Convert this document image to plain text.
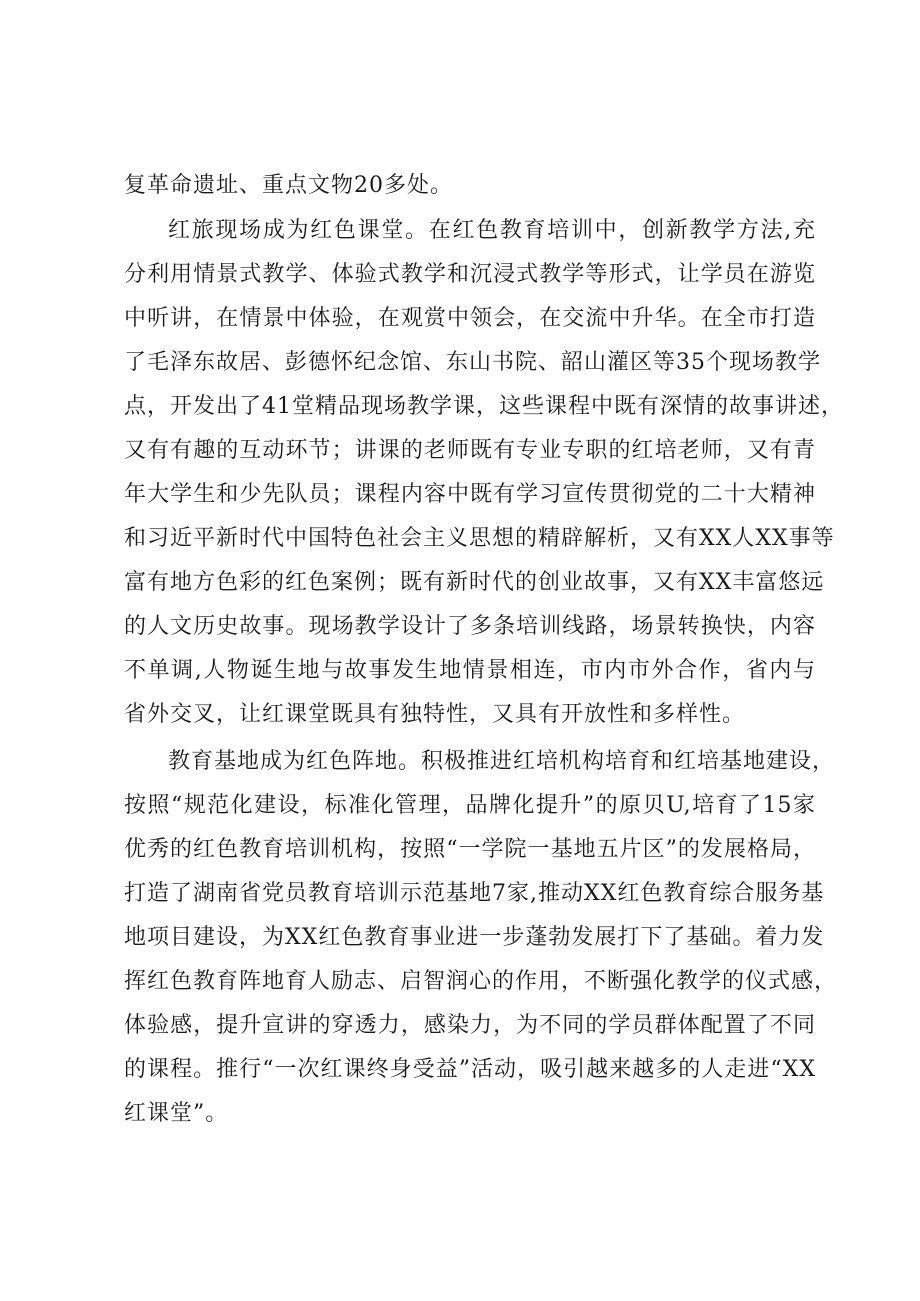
复革命遗址、重点文物20多处。
红旅现场成为红色课堂。在红色教育培训中，创新教学方法,充
分利用情景式教学、体验式教学和沉浸式教学等形式，让学员在游览
中听讲，在情景中体验，在观赏中领会，在交流中升华。在全市打造
了毛泽东故居、彭德怀纪念馆、东山书院、韶山灌区等35个现场教学
点，开发出了41堂精品现场教学课，这些课程中既有深情的故事讲述，
又有有趣的互动环节；讲课的老师既有专业专职的红培老师，又有青
年大学生和少先队员；课程内容中既有学习宣传贯彻党的二十大精神
和习近平新时代中国特色社会主义思想的精辟解析，又有XX人XX事等
富有地方色彩的红色案例；既有新时代的创业故事，又有XX丰富悠远
的人文历史故事。现场教学设计了多条培训线路，场景转换快，内容
不单调,人物诞生地与故事发生地情景相连，市内市外合作，省内与
省外交叉，让红课堂既具有独特性，又具有开放性和多样性。
教育基地成为红色阵地。积极推进红培机构培育和红培基地建设，
按照“规范化建设，标准化管理，品牌化提升”的原贝U,培育了15家
优秀的红色教育培训机构，按照“一学院一基地五片区”的发展格局，
打造了湖南省党员教育培训示范基地7家,推动XX红色教育综合服务基
地项目建设，为XX红色教育事业进一步蓬勃发展打下了基础。着力发
挥红色教育阵地育人励志、启智润心的作用，不断强化教学的仪式感，
体验感，提升宣讲的穿透力，感染力，为不同的学员群体配置了不同
的课程。推行“一次红课终身受益”活动，吸引越来越多的人走进“XX
红课堂”。
